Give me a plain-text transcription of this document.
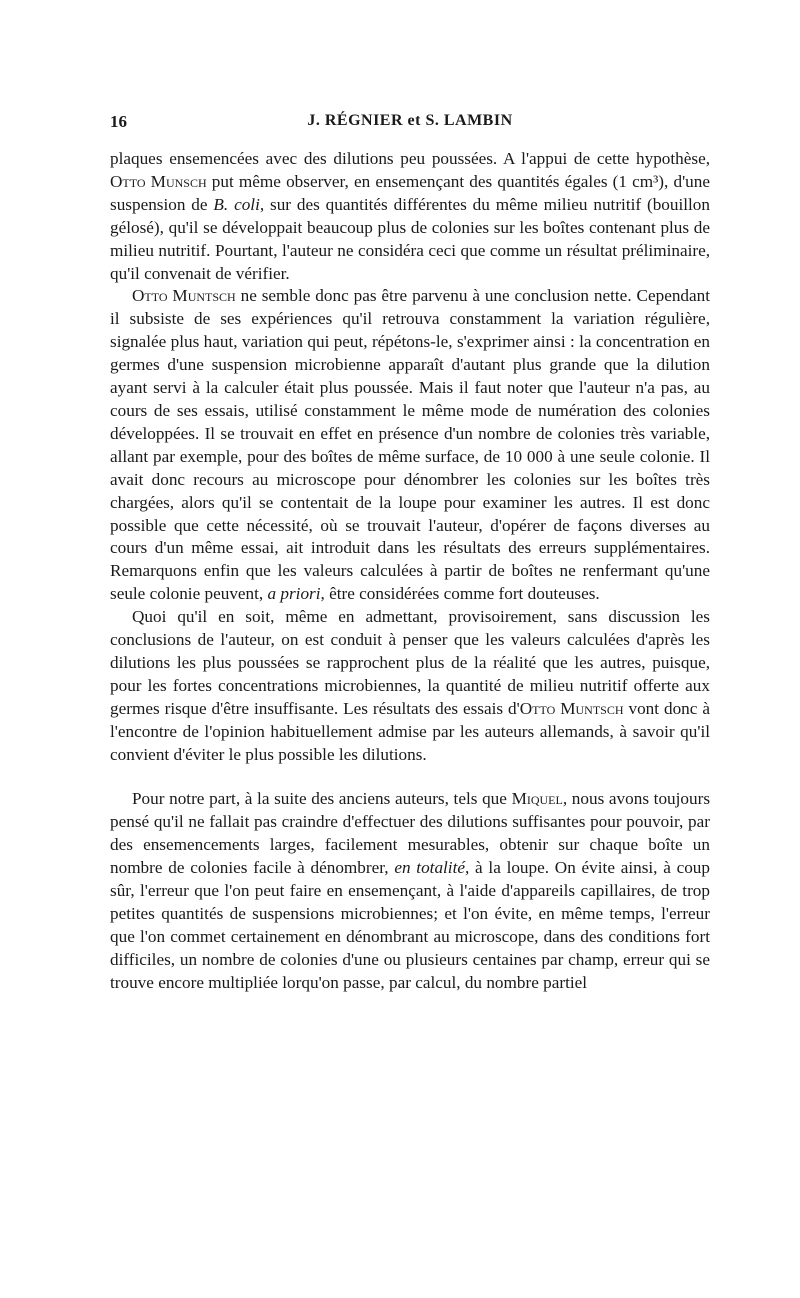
16	J. RÉGNIER et S. LAMBIN

plaques ensemencées avec des dilutions peu poussées. A l'appui de cette hypothèse, Otto Munsch put même observer, en ensemençant des quantités égales (1 cm³), d'une suspension de B. coli, sur des quantités différentes du même milieu nutritif (bouillon gélosé), qu'il se développait beaucoup plus de colonies sur les boîtes contenant plus de milieu nutritif. Pourtant, l'auteur ne considéra ceci que comme un résultat préliminaire, qu'il convenait de vérifier.

Otto Muntsch ne semble donc pas être parvenu à une conclusion nette. Cependant il subsiste de ses expériences qu'il retrouva constamment la variation régulière, signalée plus haut, variation qui peut, répétons-le, s'exprimer ainsi : la concentration en germes d'une suspension microbienne apparaît d'autant plus grande que la dilution ayant servi à la calculer était plus poussée. Mais il faut noter que l'auteur n'a pas, au cours de ses essais, utilisé constamment le même mode de numération des colonies développées. Il se trouvait en effet en présence d'un nombre de colonies très variable, allant par exemple, pour des boîtes de même surface, de 10 000 à une seule colonie. Il avait donc recours au microscope pour dénombrer les colonies sur les boîtes très chargées, alors qu'il se contentait de la loupe pour examiner les autres. Il est donc possible que cette nécessité, où se trouvait l'auteur, d'opérer de façons diverses au cours d'un même essai, ait introduit dans les résultats des erreurs supplémentaires. Remarquons enfin que les valeurs calculées à partir de boîtes ne renfermant qu'une seule colonie peuvent, a priori, être considérées comme fort douteuses.

Quoi qu'il en soit, même en admettant, provisoirement, sans discussion les conclusions de l'auteur, on est conduit à penser que les valeurs calculées d'après les dilutions les plus poussées se rapprochent plus de la réalité que les autres, puisque, pour les fortes concentrations microbiennes, la quantité de milieu nutritif offerte aux germes risque d'être insuffisante. Les résultats des essais d'Otto Muntsch vont donc à l'encontre de l'opinion habituellement admise par les auteurs allemands, à savoir qu'il convient d'éviter le plus possible les dilutions.

Pour notre part, à la suite des anciens auteurs, tels que Miquel, nous avons toujours pensé qu'il ne fallait pas craindre d'effectuer des dilutions suffisantes pour pouvoir, par des ensemencements larges, facilement mesurables, obtenir sur chaque boîte un nombre de colonies facile à dénombrer, en totalité, à la loupe. On évite ainsi, à coup sûr, l'erreur que l'on peut faire en ensemençant, à l'aide d'appareils capillaires, de trop petites quantités de suspensions microbiennes; et l'on évite, en même temps, l'erreur que l'on commet certainement en dénombrant au microscope, dans des conditions fort difficiles, un nombre de colonies d'une ou plusieurs centaines par champ, erreur qui se trouve encore multipliée lorqu'on passe, par calcul, du nombre partiel
